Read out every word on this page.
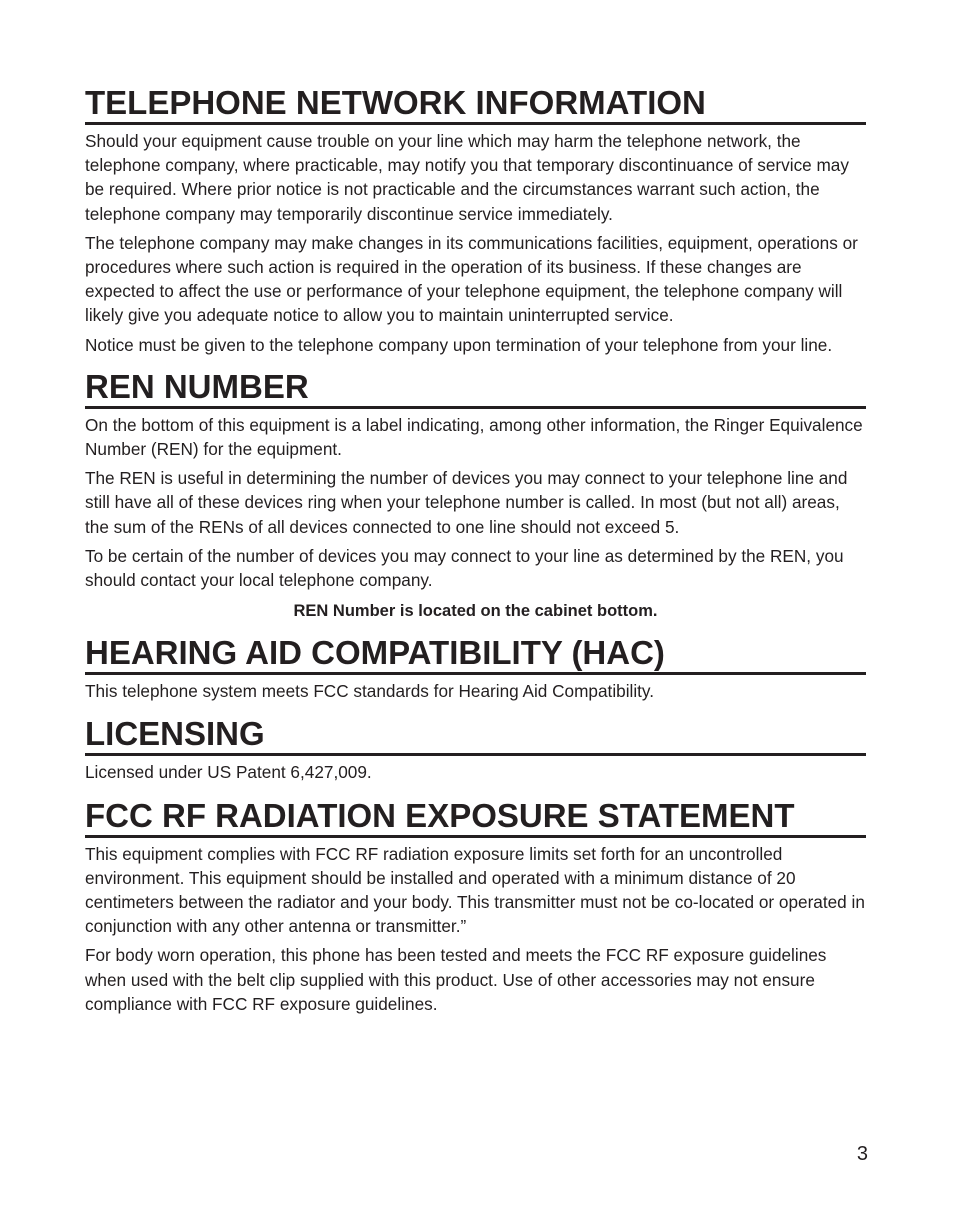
TELEPHONE NETWORK INFORMATION

Should your equipment cause trouble on your line which may harm the telephone network, the telephone company, where practicable, may notify you that temporary discontinuance of service may be required. Where prior notice is not practicable and the circumstances warrant such action, the telephone company may temporarily discontinue service immediately.

The telephone company may make changes in its communications facilities, equipment, operations or procedures where such action is required in the operation of its business. If these changes are expected to affect the use or performance of your telephone equipment, the telephone company will likely give you adequate notice to allow you to maintain uninterrupted service.

Notice must be given to the telephone company upon termination of your telephone from your line.

REN NUMBER

On the bottom of this equipment is a label indicating, among other information, the Ringer Equivalence Number (REN) for the equipment.

The REN is useful in determining the number of devices you may connect to your telephone line and still have all of these devices ring when your telephone number is called. In most (but not all) areas, the sum of the RENs of all devices connected to one line should not exceed 5.

To be certain of the number of devices you may connect to your line as determined by the REN, you should contact your local telephone company.

REN Number is located on the cabinet bottom.

HEARING AID COMPATIBILITY (HAC)

This telephone system meets FCC standards for Hearing Aid Compatibility.

LICENSING

Licensed under US Patent 6,427,009.

FCC RF RADIATION EXPOSURE STATEMENT

This equipment complies with FCC RF radiation exposure limits set forth for an uncontrolled environment. This equipment should be installed and operated with a minimum distance of 20 centimeters between the radiator and your body. This transmitter must not be co-located or operated in conjunction with any other antenna or transmitter.”

For body worn operation, this phone has been tested and meets the FCC RF exposure guidelines when used with the belt clip supplied with this product. Use of other accessories may not ensure compliance with FCC RF exposure guidelines.

3
